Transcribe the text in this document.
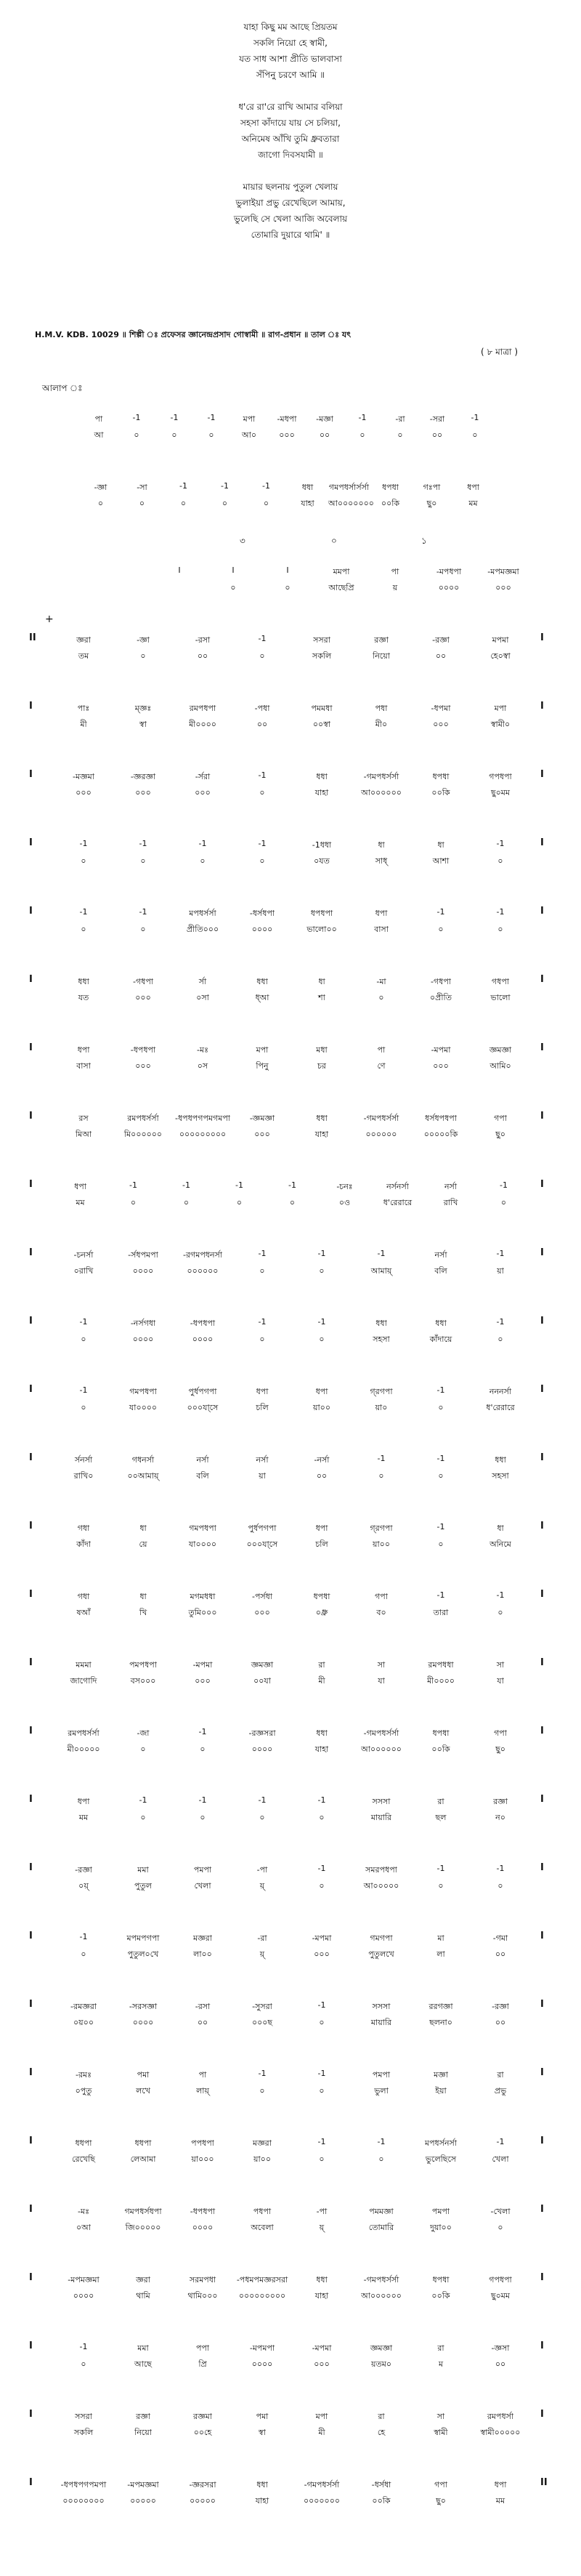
যাহা কিছু মম আছে প্রিয়তম
সকলি নিয়ো হে স্বামী,
যত সাধ আশা প্রীতি ভালবাসা
সঁপিনু চরণে আমি ॥
ধ'রে রা'রে রাখি আমার বলিয়া
সহসা কাঁদায়ে যায় সে চলিয়া,
অনিমেষ আঁখি তুমি ধ্রুবতারা
জাগো দিবসযামী ॥
মায়ার ছলনায় পুতুল খেলায়
ভুলাইয়া প্রভু রেখেছিলে আমায়,
ভুলেছি সে খেলা আজি অবেলায়
তোমারি দুয়ারে থামি' ॥
H.M.V. KDB. 10029 ॥ শিল্পী ঃ প্রফেসর জ্ঞানেন্দ্রপ্রসাদ গোস্বামী ॥ রাগ-প্রধান ॥ তাল ঃ যৎ
( ৮ মাত্রা )
আলাপ ঃ
পা	-1	-1	-1	মপা	-মধপা	-মজ্ঞা	-1	-রা	-সরা	-1
আ	০	০	০	আ০	০০০	০০	০	০	০০	০
-জ্ঞা	-সা	-1	-1	-1	ধধা	গমপধর্সার্সর্সা	ধপধা	গঃপা	ধপা
০	০	০	০	০	যাহা	আ০০০০০০০ ০০কি	ছু০	মম
৩	০	১
I	I	I	মমপা	পা	-মপধপা	-মপমজ্ঞমা
০	০	আছেপ্রি	য়	০০০০	০০০
+
II	I
জ্ঞরা	-জ্ঞা	-রসা	-1	সসরা	রজ্ঞা	-রজ্ঞা	মপমা
তম	০	০০	০	সকলি	নিয়ো	০০	হে০স্বা
I	I
পাঃ	ম্জ্ঞঃ	রমপধপা	-পধা	পমমধা	পধা	-ধপমা	মপা
মী	স্বা	মী০০০০	০০	০০স্বা	মী০	০০০	স্বামী০
I	I
-মজ্ঞমা	-জ্ঞরজ্ঞা	-র্সরা	-1	ধধা	-গমপধর্সর্সা	ধপধা	গপধপা
০০০	০০০	০০০	০	যাহা	আ০০০০০০	০০কি	ছু০মম
I	I
-1	-1	-1	-1	-1ধধা	ধা	ধা	-1
০	০	০	০	০যত	সাধ্	আশা	০
I	I
-1	-1	মপধর্সর্সা	-ধর্সধপা	ধপধপা	ধপা	-1	-1
০	০	প্রীতি০০০	০০০০	ভালো০০	বাসা	০	০
I	I
ধধা	-গধপা	র্সা	ধধা	ধা	-মা	-গধপা	গধপা
যত	০০০	০সা	ধ্আ	শা	০	০প্রীতি	ভালো
I	I
ধপা	-ধপধপা	-মঃ	মপা	মধা	পা	-মপমা	জ্ঞমজ্ঞা
বাসা	০০০	০স	পিনু	চর	ণে	০০০	আমি০
I	I
রস	রমপধর্সর্সা	-ধপধপগপমগমপা	-জ্ঞমজ্ঞা	ধধা	-গমপধর্সর্সা	ধর্সধপধপা	গপা
মিআ	মি০০০০০০	০০০০০০০০০	০০০	যাহা	০০০০০০	০০০০০কি	ছু০
I	I
ধপা	-1	-1	-1	-1	-চনঃ	নর্সনর্সা	নর্সা	-1
মম	০	০	০	০	০ও	ধ'রেরারে	রাখি	০
I	I
-চনর্সা	-র্সধপমপা	-রগমপধনর্সা	-1	-1	-1	নর্সা	-1
০রাখি	০০০০	০০০০০০	০	০	আমায়্	বলি	য়া
I	I
-1	-নর্সগধা	-ধপধপা	-1	-1	ধধা	ধধা	-1
০	০০০০	০০০০	০	০	সহসা	কাঁদায়ে	০
I	I
-1	গমপধপা	পুর্ধপগপা	ধপা	ধপা	গ্‌রগপা	-1	নননর্সা
০	যা০০০০	০০০যা্সে	চলি	য়া০০	য়া০	০	ধ'রেরারে
I	I
র্সনর্সা	গধনর্সা	নর্সা	নর্সা	-নর্সা	-1	-1	ধধা
রাখি০	০০আমায়্	বলি	য়া	০০	০	০	সহসা
I	I
গধা	ধা	গমপধপা	পুর্ধপগপা	ধপা	গ্‌রগপা	-1	ধা
কাঁদা	য়ে	যা০০০০	০০০যা্সে	চলি	য়া০০	০	অনিমে
I	I
গধা	ধা	মগমধধা	-পর্সধা	ধপধা	গপা	-1	-1
ষআঁ	খি	তুমি০০০	০০০	০ধ্রু	ব০	তারা	০
I	I
মমমা	পমপধপা	-মপমা	জ্ঞমজ্ঞা	রা	সা	রমপধধা	সা
জাগোদি	বস০০০	০০০	০০যা	মী	যা	মী০০০০	যা
I	I
রমপধর্সর্সা	-জা	-1	-রজ্ঞসরা	ধধা	-গমপধর্সর্সা	ধপধা	গপা
মী০০০০০	০	০	০০০০	যাহা	আ০০০০০০	০০কি	ছু০
I	I
ধপা	-1	-1	-1	-1	সসসা	রা	রজ্ঞা
মম	০	০	০	০	মায়ারি	ছল	ন০
I	I
-রজ্ঞা	মমা	পমপা	-পা	-1	সমরপধপা	-1	-1
০য়্	পুতুল	খেলা	য়্	০	আ০০০০০	০	০
I	I
-1	মপমপগপা	মজ্ঞরা	-রা	-মপমা	গমগপা	মা	-গমা
০	পুতুল০খে	লা০০	য়্	০০০	পুতুলখে	লা	০০
I	I
-রমজ্ঞরা	-সরসজ্ঞা	-রসা	-সুসরা	-1	সসসা	ররগজ্ঞা	-রজ্ঞা
০য়০০	০০০০	০০	০০০ছ	০	মায়ারি	ছলনা০	০০
I	I
-রমঃ	পমা	পা	-1	-1	পমপা	মজ্ঞা	রা
০পুতু	লখে	লায়্	০	০	ভুলা	ইয়া	প্রভু
I	I
ধধপা	ধধপা	পপধপা	মজ্ঞরা	-1	-1	মপধর্সনর্সা	-1
রেখেছি	লেআমা	য়া০০০	য়া০০	০	০	ভুলেছিসে	খেলা
I	I
-মঃ	গমপধর্সধপা	-ধপধপা	পধপা	-পা	পমমজ্ঞা	পমপা	-খেলা
০আ	জি০০০০০	০০০০	অবেলা	য়্	তোমারি	দুয়া০০	০
I	I
-মপমজ্ঞমা	জ্ঞরা	সরমপধা	-পধমপমজ্ঞরসরা	ধধা	-গমপধর্সর্সা	ধপধা	গপধপা
০০০০	থামি	থামি০০০	০০০০০০০০০	যাহা	আ০০০০০০	০০কি	ছু০মম
I	I
-1	মমা	পপা	-মপমপা	-মপমা	জ্ঞমজ্ঞা	রা	-জ্ঞসা
০	আছে	প্রি	০০০০	০০০	য়তম০	ম	০০
I	I
সসরা	রজ্ঞা	রজ্ঞমা	পমা	মপা	রা	সা	রমপধর্সা
সকলি	নিয়ো	০০হে	স্বা	মী	হে	স্বামী	স্বামী০০০০০
I	II
-ধপধপগপমপা	-মপমজ্ঞমা	-জ্ঞরসরা	ধধা	-গমপধর্সর্সা	-ধর্সধা	গপা	ধপা
০০০০০০০০	০০০০০	০০০০০	যাহা	০০০০০০০	০০কি	ছু০	মম
